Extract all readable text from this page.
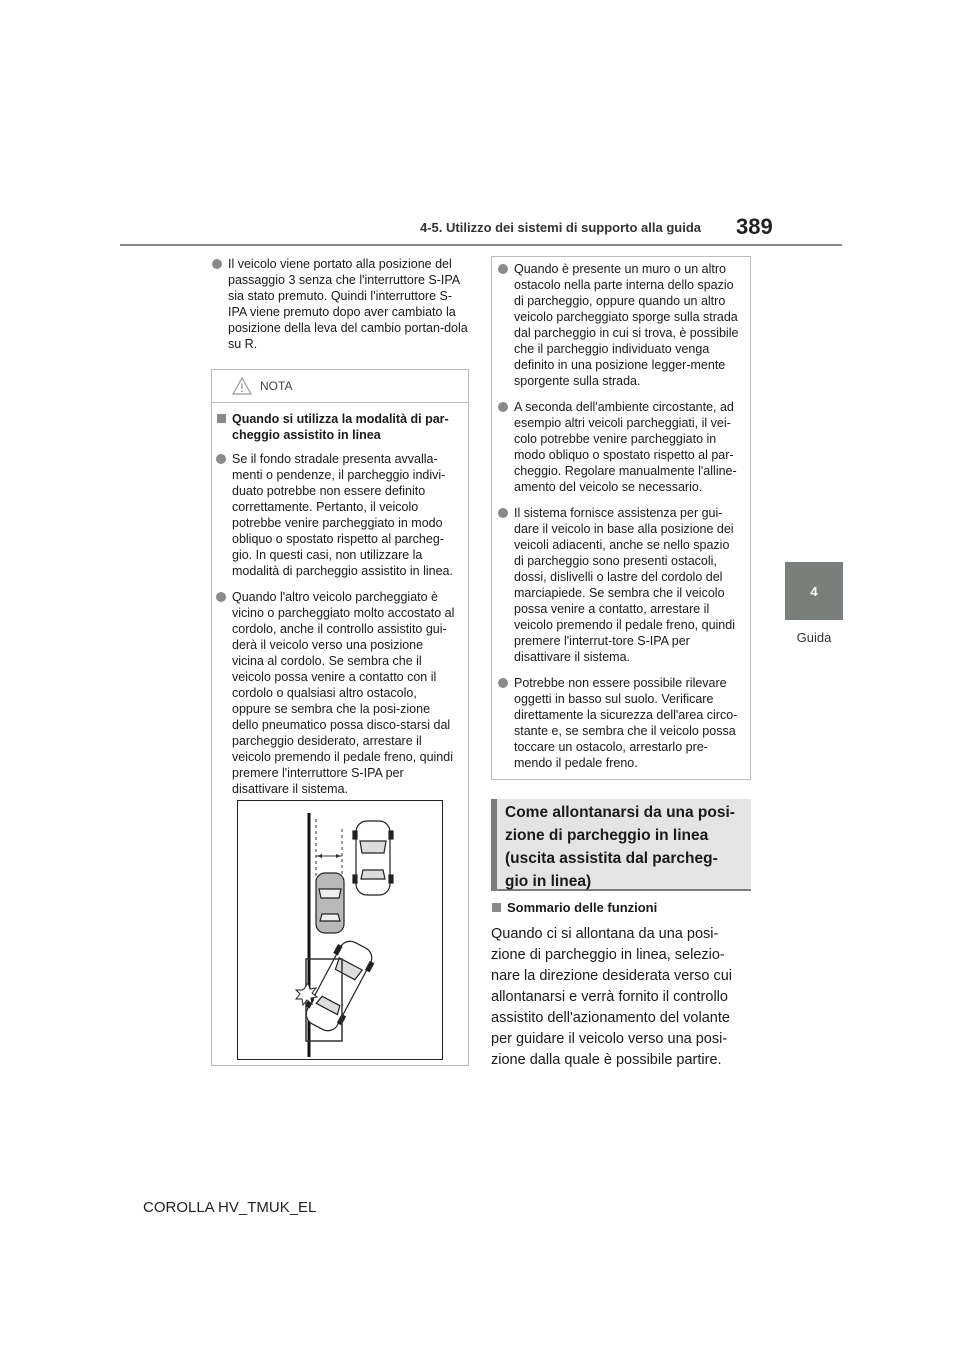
4-5. Utilizzo dei sistemi di supporto alla guida 389
4
Guida
Il veicolo viene portato alla posizione del passaggio 3 senza che l'interruttore S-IPA sia stato premuto. Quindi l'interruttore S-IPA viene premuto dopo aver cambiato la posizione della leva del cambio portan-dola su R.
NOTA
Quando si utilizza la modalità di par-cheggio assistito in linea
Se il fondo stradale presenta avvalla-menti o pendenze, il parcheggio indivi-duato potrebbe non essere definito correttamente. Pertanto, il veicolo potrebbe venire parcheggiato in modo obliquo o spostato rispetto al parcheg-gio. In questi casi, non utilizzare la modalità di parcheggio assistito in linea.
Quando l'altro veicolo parcheggiato è vicino o parcheggiato molto accostato al cordolo, anche il controllo assistito gui-derà il veicolo verso una posizione vicina al cordolo. Se sembra che il veicolo possa venire a contatto con il cordolo o qualsiasi altro ostacolo, oppure se sembra che la posi-zione dello pneumatico possa disco-starsi dal parcheggio desiderato, arrestare il veicolo premendo il pedale freno, quindi premere l'interruttore S-IPA per disattivare il sistema.
Quando è presente un muro o un altro ostacolo nella parte interna dello spazio di parcheggio, oppure quando un altro veicolo parcheggiato sporge sulla strada dal parcheggio in cui si trova, è possibile che il parcheggio individuato venga definito in una posizione legger-mente sporgente sulla strada.
A seconda dell'ambiente circostante, ad esempio altri veicoli parcheggiati, il vei-colo potrebbe venire parcheggiato in modo obliquo o spostato rispetto al par-cheggio. Regolare manualmente l'alline-amento del veicolo se necessario.
Il sistema fornisce assistenza per gui-dare il veicolo in base alla posizione dei veicoli adiacenti, anche se nello spazio di parcheggio sono presenti ostacoli, dossi, dislivelli o lastre del cordolo del marciapiede. Se sembra che il veicolo possa venire a contatto, arrestare il veicolo premendo il pedale freno, quindi premere l'interrut-tore S-IPA per disattivare il sistema.
Potrebbe non essere possibile rilevare oggetti in basso sul suolo. Verificare direttamente la sicurezza dell'area circo-stante e, se sembra che il veicolo possa toccare un ostacolo, arrestarlo pre-mendo il pedale freno.
Come allontanarsi da una posi-
zione di parcheggio in linea
(uscita assistita dal parcheg-
gio in linea)
Sommario delle funzioni
Quando ci si allontana da una posi-
zione di parcheggio in linea, selezio-
nare la direzione desiderata verso cui
allontanarsi e verrà fornito il controllo
assistito dell'azionamento del volante
per guidare il veicolo verso una posi-
zione dalla quale è possibile partire.
COROLLA HV_TMUK_EL
